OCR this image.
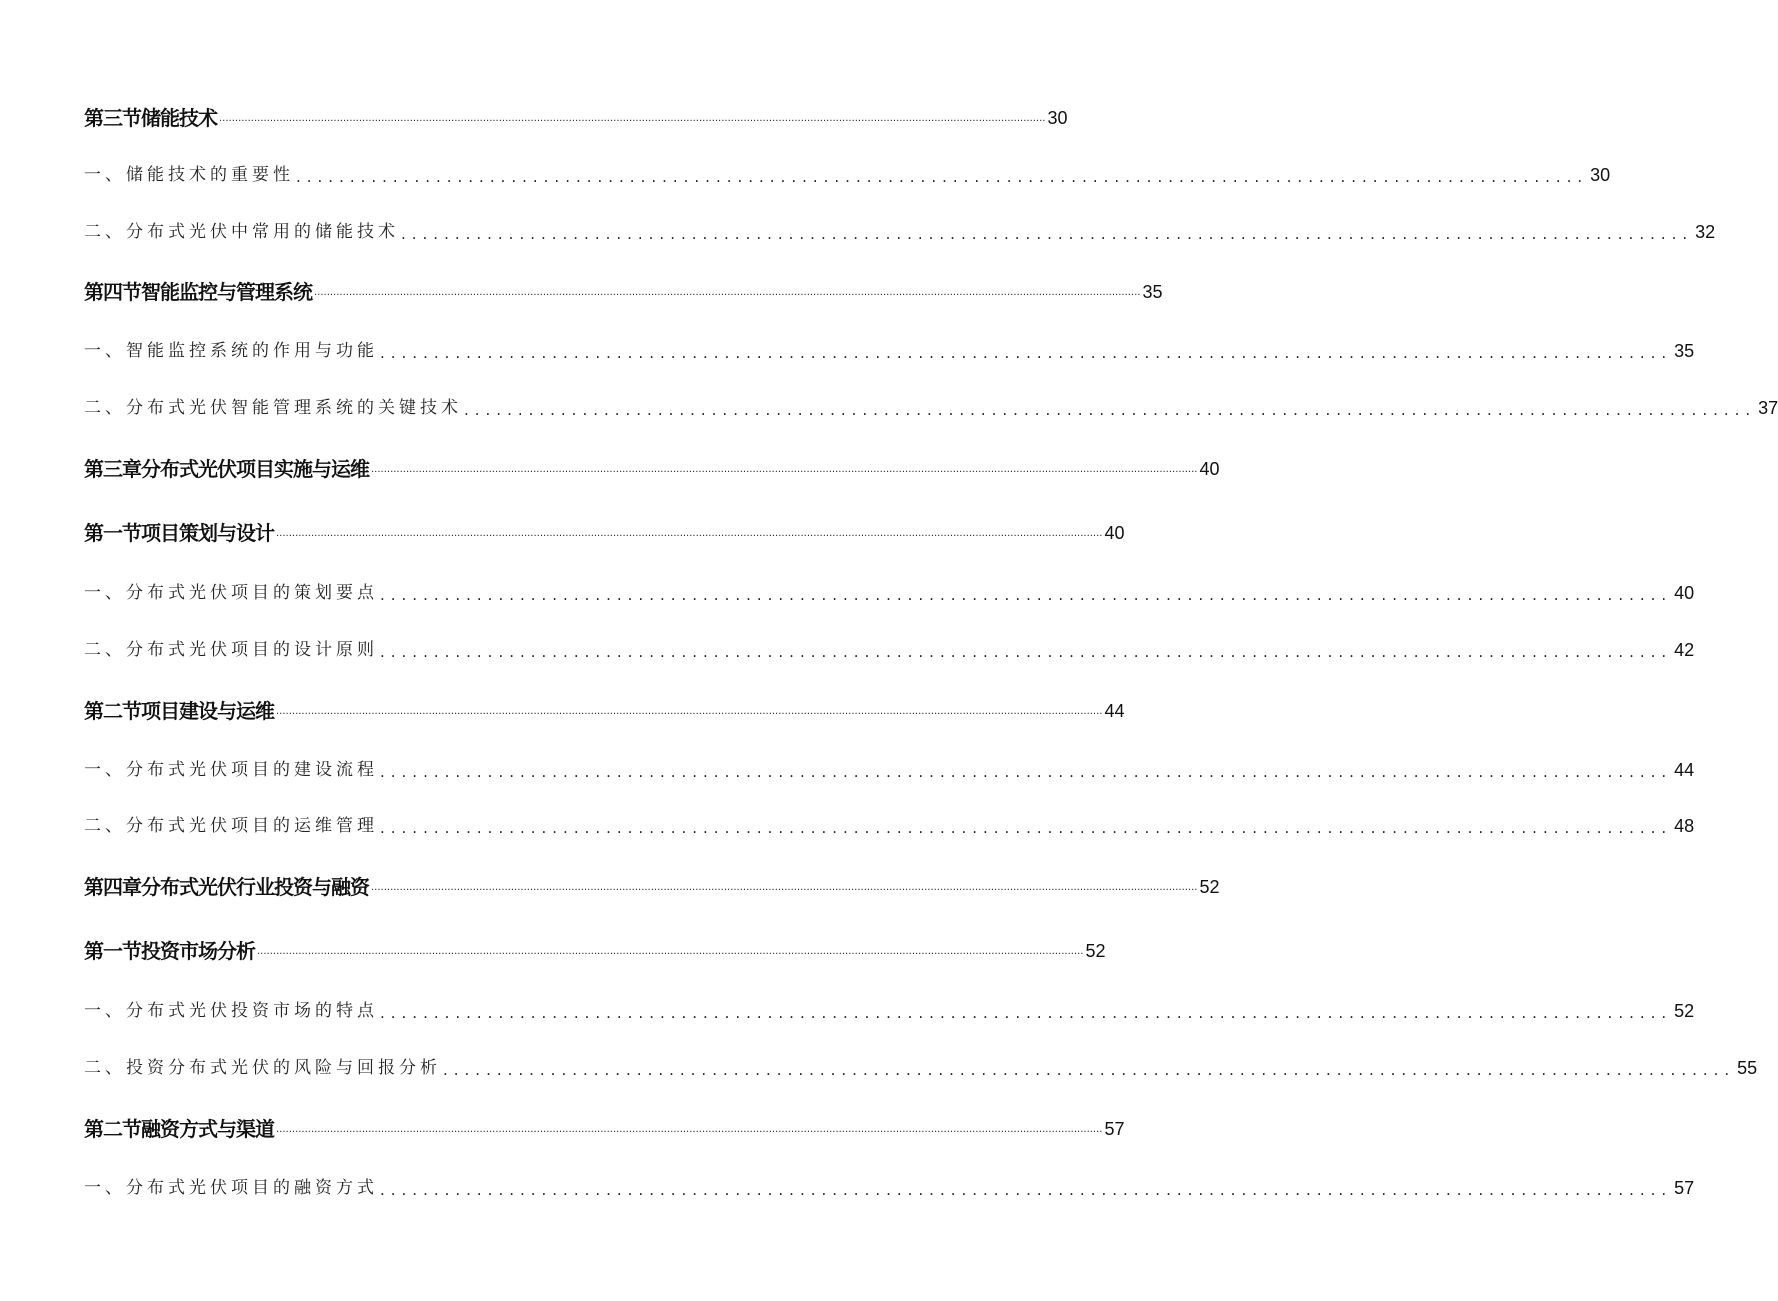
第三节储能技术 .................................................................................................................................................................................................................................................................... 30
一、储能技术的重要性 ........................................................................................................................ 30
二、分布式光伏中常用的储能技术 ........................................................................................................................ 32
第四节智能监控与管理系统 .................................................................................................................................................................................................................................................................... 35
一、智能监控系统的作用与功能 ........................................................................................................................ 35
二、分布式光伏智能管理系统的关键技术 ........................................................................................................................ 37
第三章分布式光伏项目实施与运维 .................................................................................................................................................................................................................................................................... 40
第一节项目策划与设计 .................................................................................................................................................................................................................................................................... 40
一、分布式光伏项目的策划要点 ........................................................................................................................ 40
二、分布式光伏项目的设计原则 ........................................................................................................................ 42
第二节项目建设与运维 .................................................................................................................................................................................................................................................................... 44
一、分布式光伏项目的建设流程 ........................................................................................................................ 44
二、分布式光伏项目的运维管理 ........................................................................................................................ 48
第四章分布式光伏行业投资与融资 .................................................................................................................................................................................................................................................................... 52
第一节投资市场分析 .................................................................................................................................................................................................................................................................... 52
一、分布式光伏投资市场的特点 ........................................................................................................................ 52
二、投资分布式光伏的风险与回报分析 ........................................................................................................................ 55
第二节融资方式与渠道 .................................................................................................................................................................................................................................................................... 57
一、分布式光伏项目的融资方式 ........................................................................................................................ 57
